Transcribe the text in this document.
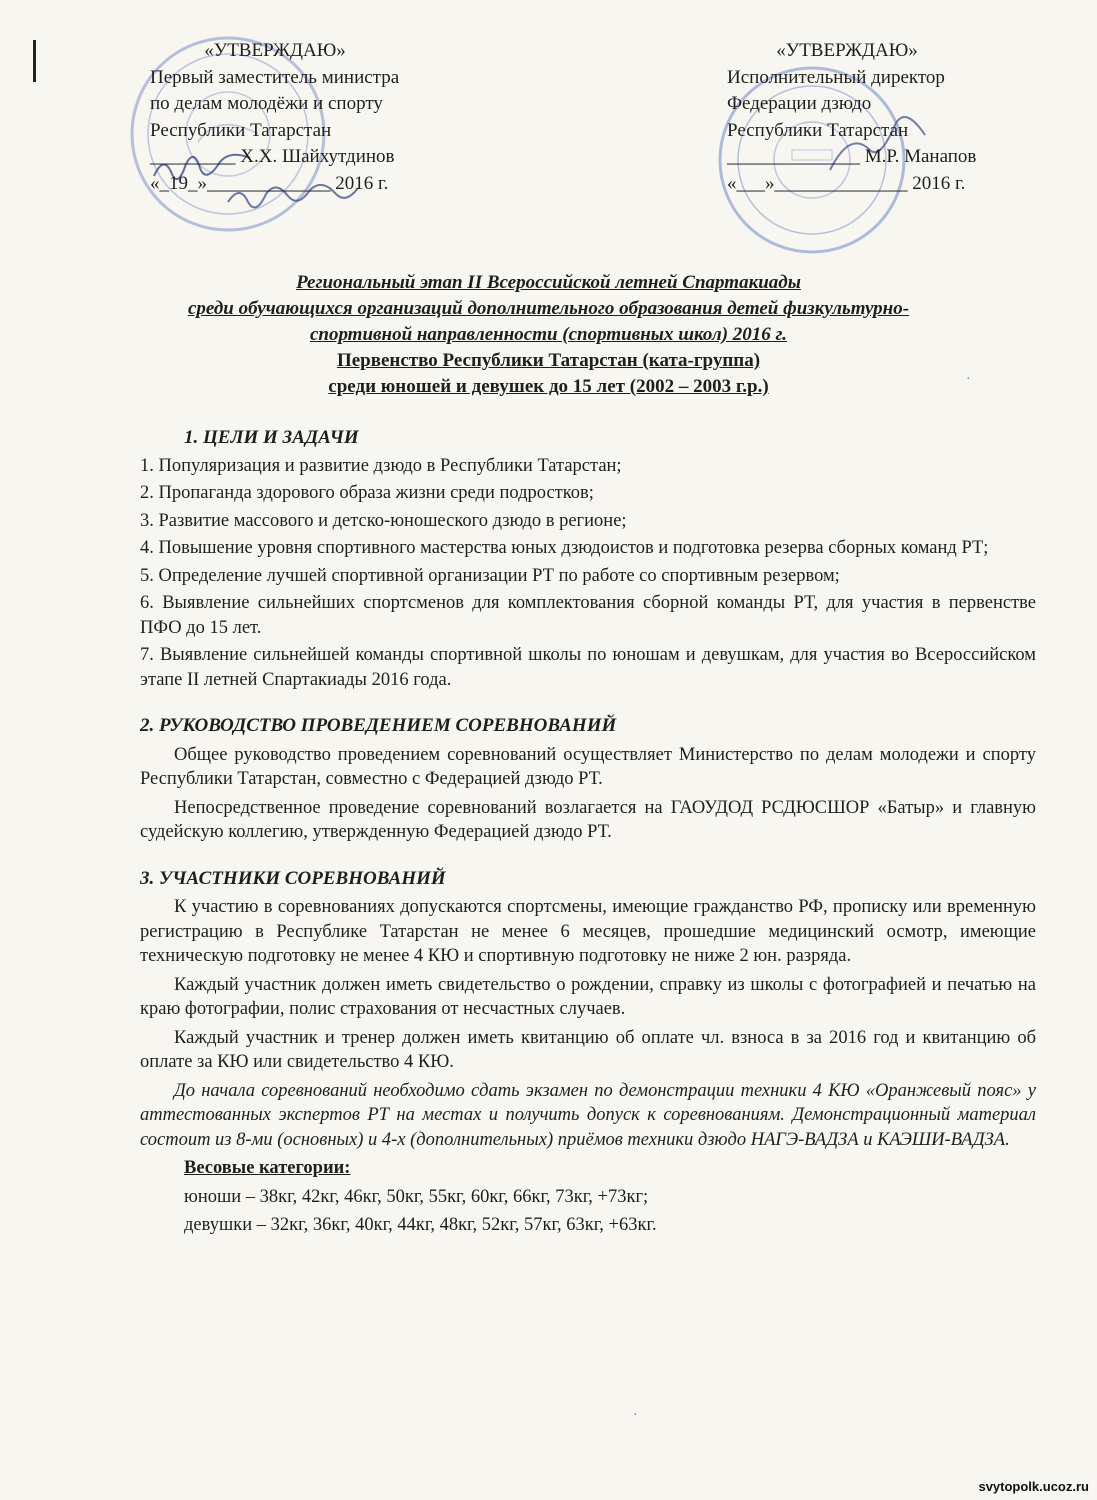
«УТВЕРЖДАЮ»
Первый заместитель министра
по делам молодёжи и спорту
Республики Татарстан
_________ Х.Х. Шайхутдинов
«_19_»_____________ 2016 г.
«УТВЕРЖДАЮ»
Исполнительный директор
Федерации дзюдо
Республики Татарстан
______________ М.Р. Манапов
«___»______________ 2016 г.
Региональный этап II Всероссийской летней Спартакиады
среди обучающихся организаций дополнительного образования детей физкультурно-
спортивной направленности (спортивных школ) 2016 г.
Первенство Республики Татарстан (ката-группа)
среди юношей и девушек до 15 лет (2002 – 2003 г.р.)
1. ЦЕЛИ И ЗАДАЧИ
1. Популяризация и развитие дзюдо в Республики Татарстан;
2. Пропаганда здорового образа жизни среди подростков;
3. Развитие массового и детско-юношеского дзюдо в регионе;
4. Повышение уровня спортивного мастерства юных дзюдоистов и подготовка резерва сборных команд РТ;
5. Определение лучшей спортивной организации РТ по работе со спортивным резервом;
6. Выявление сильнейших спортсменов для комплектования сборной команды РТ, для участия в первенстве ПФО до 15 лет.
7. Выявление сильнейшей команды спортивной школы по юношам и девушкам, для участия во Всероссийском этапе II летней Спартакиады 2016 года.
2. РУКОВОДСТВО ПРОВЕДЕНИЕМ СОРЕВНОВАНИЙ
Общее руководство проведением соревнований осуществляет Министерство по делам молодежи и спорту Республики Татарстан, совместно с Федерацией дзюдо РТ.
Непосредственное проведение соревнований возлагается на ГАОУДОД РСДЮСШОР «Батыр» и главную судейскую коллегию, утвержденную Федерацией дзюдо РТ.
3. УЧАСТНИКИ СОРЕВНОВАНИЙ
К участию в соревнованиях допускаются спортсмены, имеющие гражданство РФ, прописку или временную регистрацию в Республике Татарстан не менее 6 месяцев, прошедшие медицинский осмотр, имеющие техническую подготовку не менее 4 КЮ и спортивную подготовку не ниже 2 юн. разряда.
Каждый участник должен иметь свидетельство о рождении, справку из школы с фотографией и печатью на краю фотографии, полис страхования от несчастных случаев.
Каждый участник и тренер должен иметь квитанцию об оплате чл. взноса в за 2016 год и квитанцию об оплате за КЮ или свидетельство 4 КЮ.
До начала соревнований необходимо сдать экзамен по демонстрации техники 4 КЮ «Оранжевый пояс» у аттестованных экспертов РТ на местах и получить допуск к соревнованиям. Демонстрационный материал состоит из 8-ми (основных) и 4-х (дополнительных) приёмов техники дзюдо НАГЭ-ВАДЗА и КАЭШИ-ВАДЗА.
Весовые категории:
юноши – 38кг, 42кг, 46кг, 50кг, 55кг, 60кг, 66кг, 73кг, +73кг;
девушки – 32кг, 36кг, 40кг, 44кг, 48кг, 52кг, 57кг, 63кг, +63кг.
·
·
svytopolk.ucoz.ru
